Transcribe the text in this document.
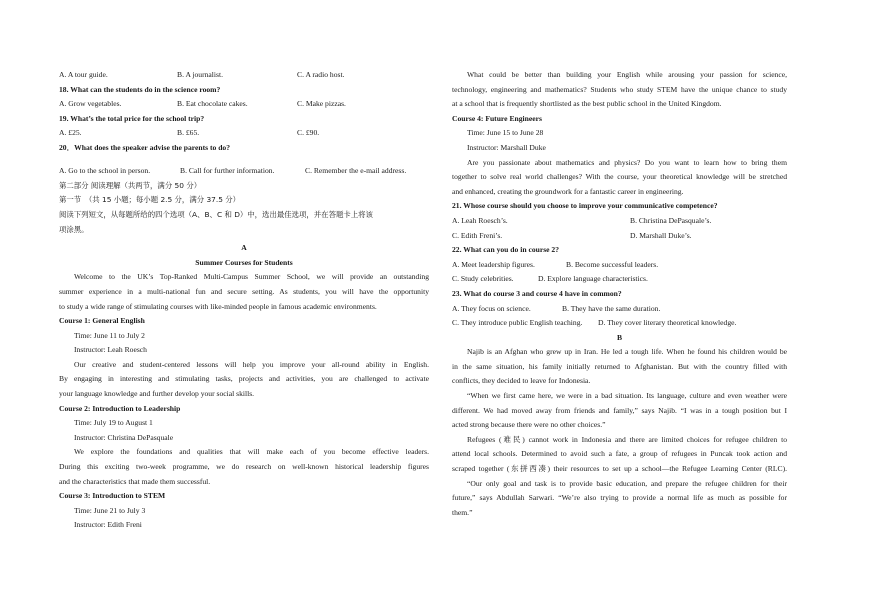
A. A tour guide.	B. A journalist.	C. A radio host.
18. What can the students do in the science room?
A. Grow vegetables.	B. Eat chocolate cakes.	C. Make pizzas.
19. What’s the total price for the school trip?
A. £25.	B. £65.	C. £90.
20．What does the speaker advise the parents to do?
A. Go to the school in person.	B. Call for further information.	C. Remember the e-mail address.
第二部分 阅读理解（共两节，满分 50 分）
第一节　（共 15 小题；每小题 2.5 分，满分 37.5 分）
阅读下列短文，从每题所给的四个选项（A、B、C 和 D）中，选出最佳选项，并在答题卡上将该
项涂黑。
A
Summer Courses for Students
Welcome to the UK’s Top-Ranked Multi-Campus Summer School, we will provide an outstanding
summer experience in a multi-national fun and secure setting. As students, you will have the opportunity
to study a wide range of stimulating courses with like-minded people in famous academic environments.
Course 1: General English
Time: June 11 to July 2
Instructor: Leah Roesch
Our creative and student-centered lessons will help you improve your all-round ability in English.
By engaging in interesting and stimulating tasks, projects and activities, you are challenged to activate
your language knowledge and further develop your social skills.
Course 2: Introduction to Leadership
Time: July 19 to August 1
Instructor: Christina DePasquale
We explore the foundations and qualities that will make each of you become effective leaders.
During this exciting two-week programme, we do research on well-known historical leadership figures
and the characteristics that made them successful.
Course 3: Introduction to STEM
Time: June 21 to July 3
Instructor: Edith Freni
What could be better than building your English while arousing your passion for science,
technology, engineering and mathematics? Students who study STEM have the unique chance to study
at a school that is frequently shortlisted as the best public school in the United Kingdom.
Course 4: Future Engineers
Time: June 15 to June 28
Instructor: Marshall Duke
Are you passionate about mathematics and physics? Do you want to learn how to bring them
together to solve real world challenges? With the course, your theoretical knowledge will be stretched
and enhanced, creating the groundwork for a fantastic career in engineering.
21. Whose course should you choose to improve your communicative competence?
A. Leah Roesch’s.	B. Christina DePasquale’s.
C. Edith Freni’s.	D. Marshall Duke’s.
22. What can you do in course 2?
A. Meet leadership figures.	B. Become successful leaders.
C. Study celebrities.	D. Explore language characteristics.
23. What do course 3 and course 4 have in common?
A. They focus on science.	B. They have the same duration.
C. They introduce public English teaching.	D. They cover literary theoretical knowledge.
B
Najib is an Afghan who grew up in Iran. He led a tough life. When he found his children would be
in the same situation, his family initially returned to Afghanistan. But with the country filled with
conflicts, they decided to leave for Indonesia.
“When we first came here, we were in a bad situation. Its language, culture and even weather were
different. We had moved away from friends and family,” says Najib. “I was in a tough position but I
acted strong because there were no other choices.”
Refugees (难民) cannot work in Indonesia and there are limited choices for refugee children to
attend local schools. Determined to avoid such a fate, a group of refugees in Puncak took action and
scraped together (东拼西凑) their resources to set up a school—the Refugee Learning Center (RLC).
“Our only goal and task is to provide basic education, and prepare the refugee children for their
future,” says Abdullah Sarwari. “We’re also trying to provide a normal life as much as possible for
them.”
